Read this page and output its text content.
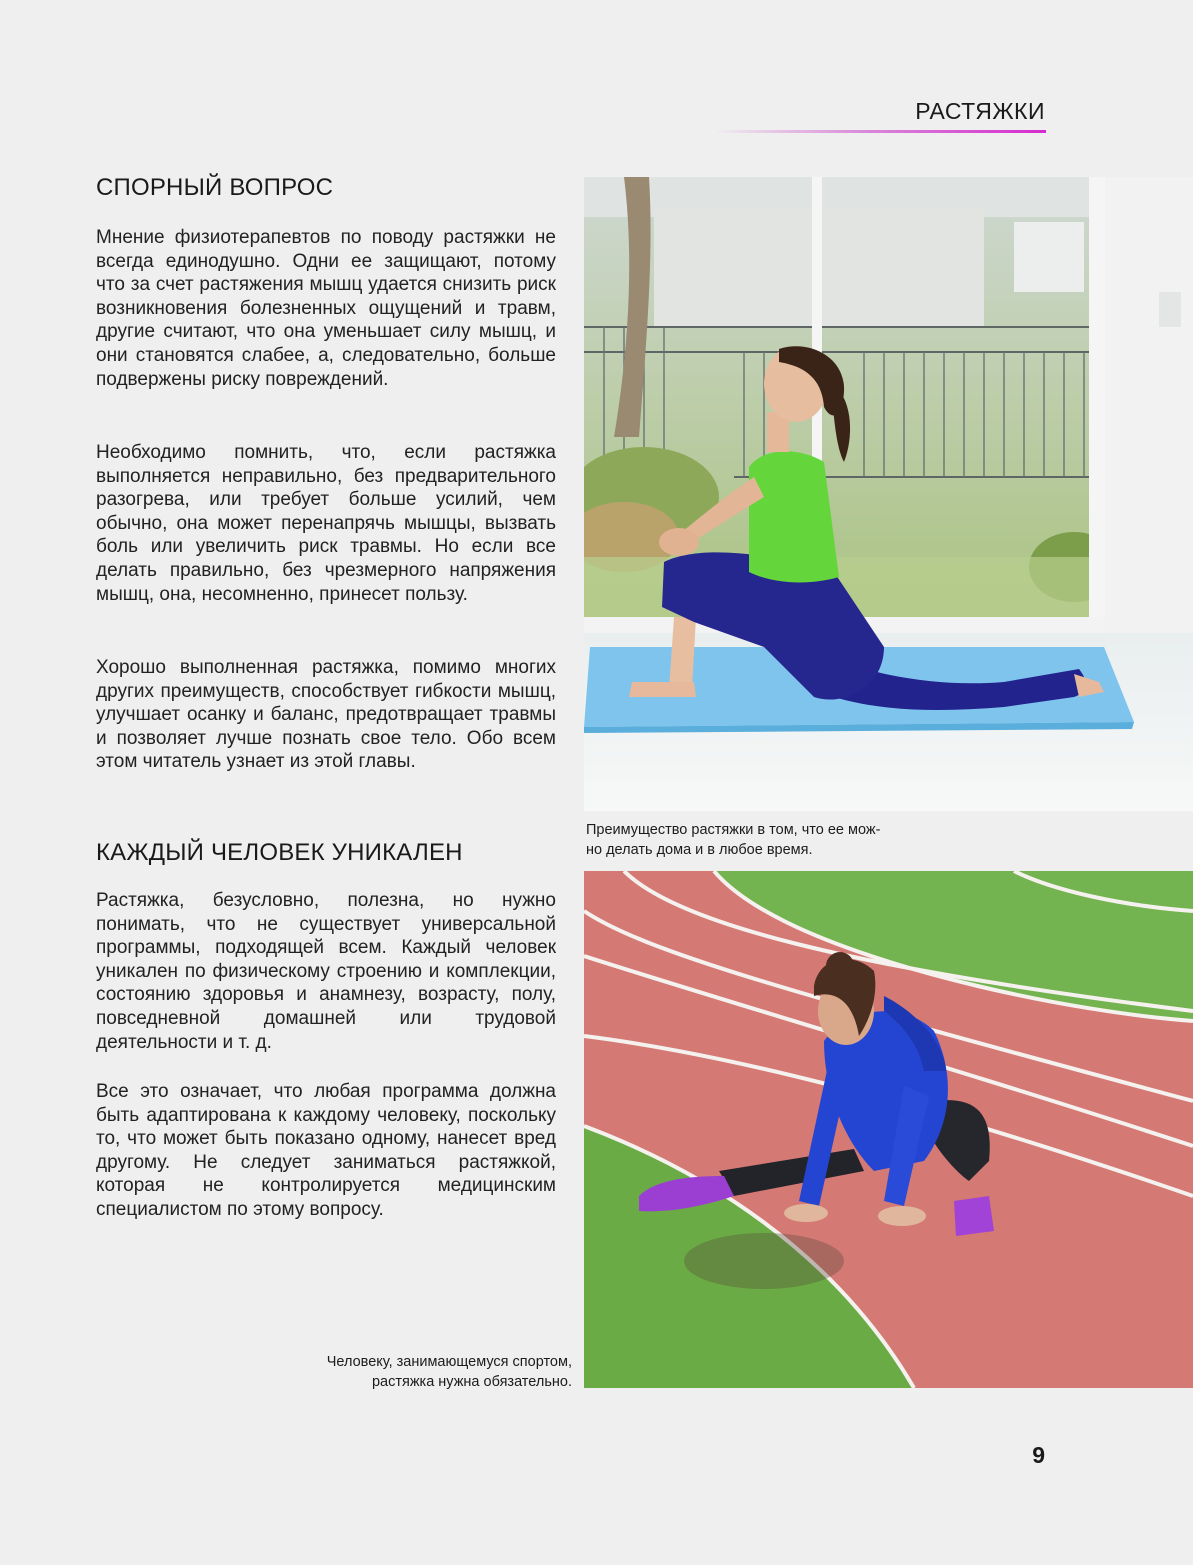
РАСТЯЖКИ
СПОРНЫЙ ВОПРОС

Мнение физиотерапевтов по поводу растяжки не всегда единодушно. Одни ее защищают, потому что за счет растяжения мышц удается снизить риск возникновения болезненных ощущений и травм, другие считают, что она уменьшает силу мышц, и они становятся слабее, а, следовательно, больше подвержены риску повреждений.

Необходимо помнить, что, если растяжка выполняется неправильно, без предварительного разогрева, или требует больше усилий, чем обычно, она может перенапрячь мышцы, вызвать боль или увеличить риск травмы. Но если все делать правильно, без чрезмерного напряжения мышц, она, несомненно, принесет пользу.

Хорошо выполненная растяжка, помимо многих других преимуществ, способствует гибкости мышц, улучшает осанку и баланс, предотвращает травмы и позволяет лучше познать свое тело. Обо всем этом читатель узнает из этой главы.

КАЖДЫЙ ЧЕЛОВЕК УНИКАЛЕН

Растяжка, безусловно, полезна, но нужно понимать, что не существует универсальной программы, подходящей всем. Каждый человек уникален по физическому строению и комплекции, состоянию здоровья и анамнезу, возрасту, полу, повседневной домашней или трудовой деятельности и т. д.

Все это означает, что любая программа должна быть адаптирована к каждому человеку, поскольку то, что может быть показано одному, нанесет вред другому. Не следует заниматься растяжкой, которая не контролируется медицинским специалистом по этому вопросу.

Преимущество растяжки в том, что ее мож-
но делать дома и в любое время.
Человеку, занимающемуся спортом,
растяжка нужна обязательно.
9
